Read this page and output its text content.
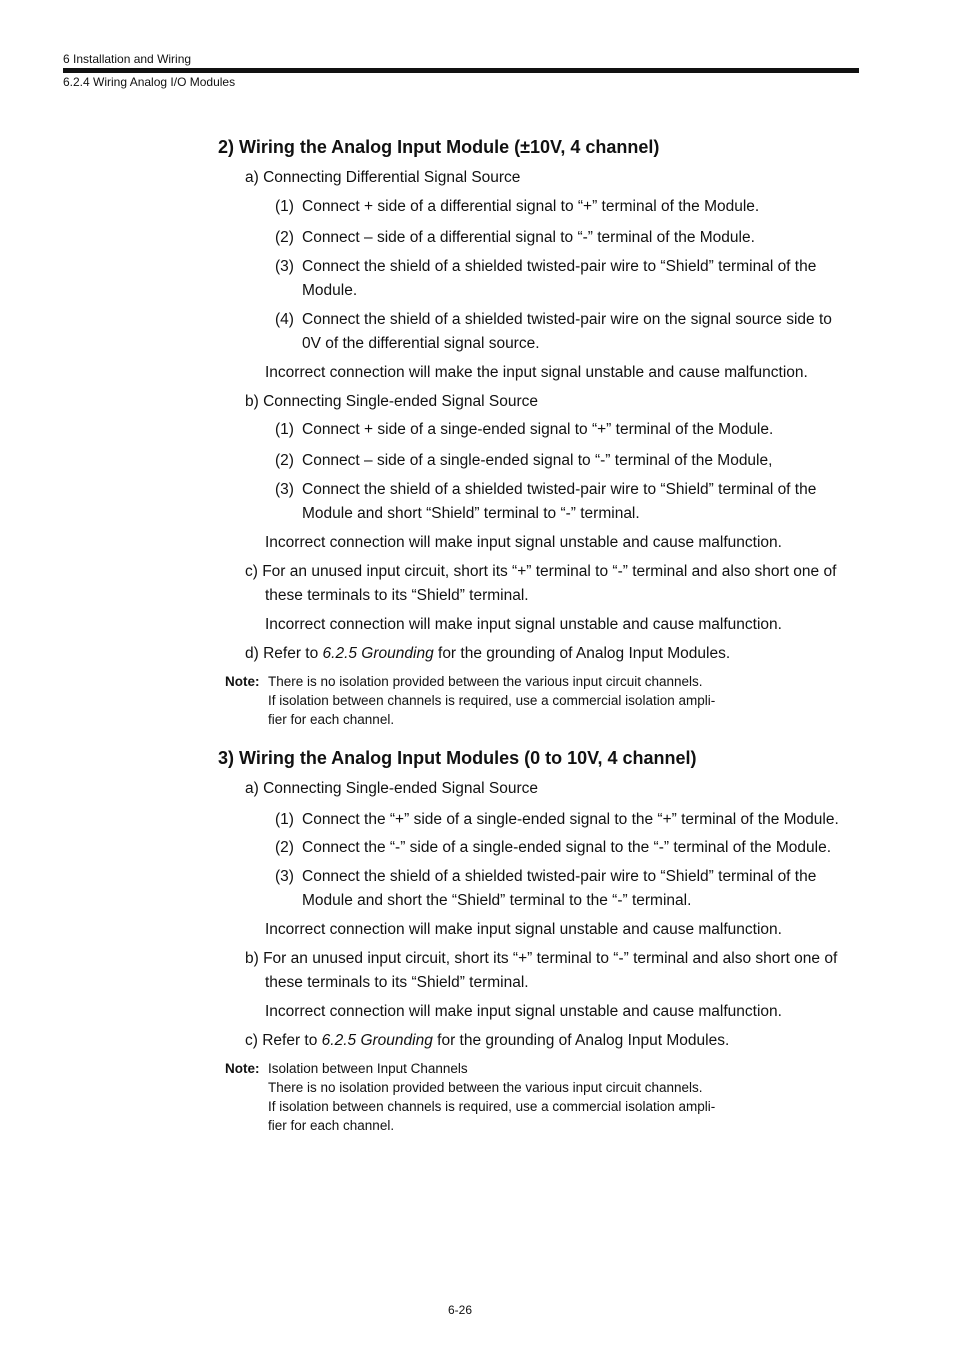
6 Installation and Wiring
6.2.4 Wiring Analog I/O Modules
2) Wiring the Analog Input Module (±10V, 4 channel)
a) Connecting Differential Signal Source
(1) Connect + side of a differential signal to “+” terminal of the Module.
(2) Connect – side of a differential signal to “-” terminal of the Module.
(3) Connect the shield of a shielded twisted-pair wire to “Shield” terminal of the
Module.
(4) Connect the shield of a shielded twisted-pair wire on the signal source side to
0V of the differential signal source.
Incorrect connection will make the input signal unstable and cause malfunction.
b) Connecting Single-ended Signal Source
(1) Connect + side of a singe-ended signal to “+” terminal of the Module.
(2) Connect – side of a single-ended signal to “-” terminal of the Module,
(3) Connect the shield of a shielded twisted-pair wire to “Shield” terminal of the
Module and short “Shield” terminal to “-” terminal.
Incorrect connection will make input signal unstable and cause malfunction.
c) For an unused input circuit, short its “+” terminal to “-” terminal and also short one of
these terminals to its “Shield” terminal.
Incorrect connection will make input signal unstable and cause malfunction.
d) Refer to 6.2.5 Grounding for the grounding of Analog Input Modules.
Note: There is no isolation provided between the various input circuit channels.
If isolation between channels is required, use a commercial isolation ampli-
fier for each channel.
3) Wiring the Analog Input Modules (0 to 10V, 4 channel)
a) Connecting Single-ended Signal Source
(1) Connect the “+” side of a single-ended signal to the “+” terminal of the Module.
(2) Connect the “-” side of a single-ended signal to the “-” terminal of the Module.
(3) Connect the shield of a shielded twisted-pair wire to “Shield” terminal of the
Module and short the “Shield” terminal to the “-” terminal.
Incorrect connection will make input signal unstable and cause malfunction.
b) For an unused input circuit, short its “+” terminal to “-” terminal and also short one of
these terminals to its “Shield” terminal.
Incorrect connection will make input signal unstable and cause malfunction.
c) Refer to 6.2.5 Grounding for the grounding of Analog Input Modules.
Note: Isolation between Input Channels
There is no isolation provided between the various input circuit channels.
If isolation between channels is required, use a commercial isolation ampli-
fier for each channel.
6-26
